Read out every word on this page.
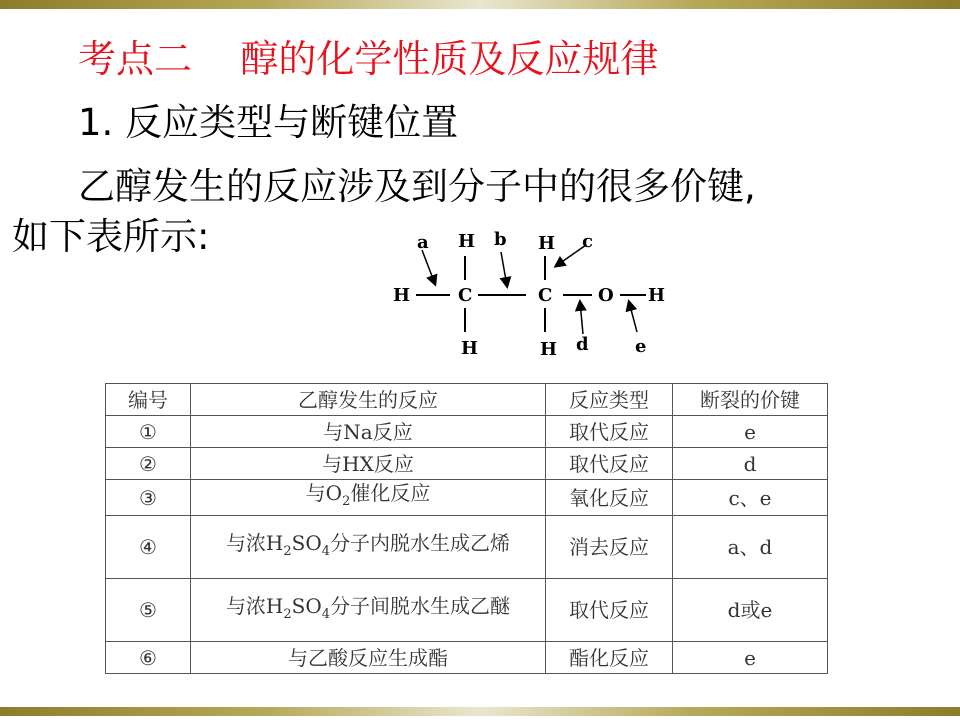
考点二    醇的化学性质及反应规律
1. 反应类型与断键位置
乙醇发生的反应涉及到分子中的很多价键,
如下表所示:
H	C
H
H
C
H
H
O H
a	b	c
d	e
编号	乙醇发生的反应	反应类型	断裂的价键
①	与Na反应	取代反应	e
②	与HX反应	取代反应	d
③	与$O_2$催化反应	氧化反应	c、e
④	与浓$H_2SO_4$分子内脱水生成乙烯	消去反应	a、d
⑤	与浓$H_2SO_4$分子间脱水生成乙醚	取代反应	d或e
⑥	与乙酸反应生成酯	酯化反应	e
